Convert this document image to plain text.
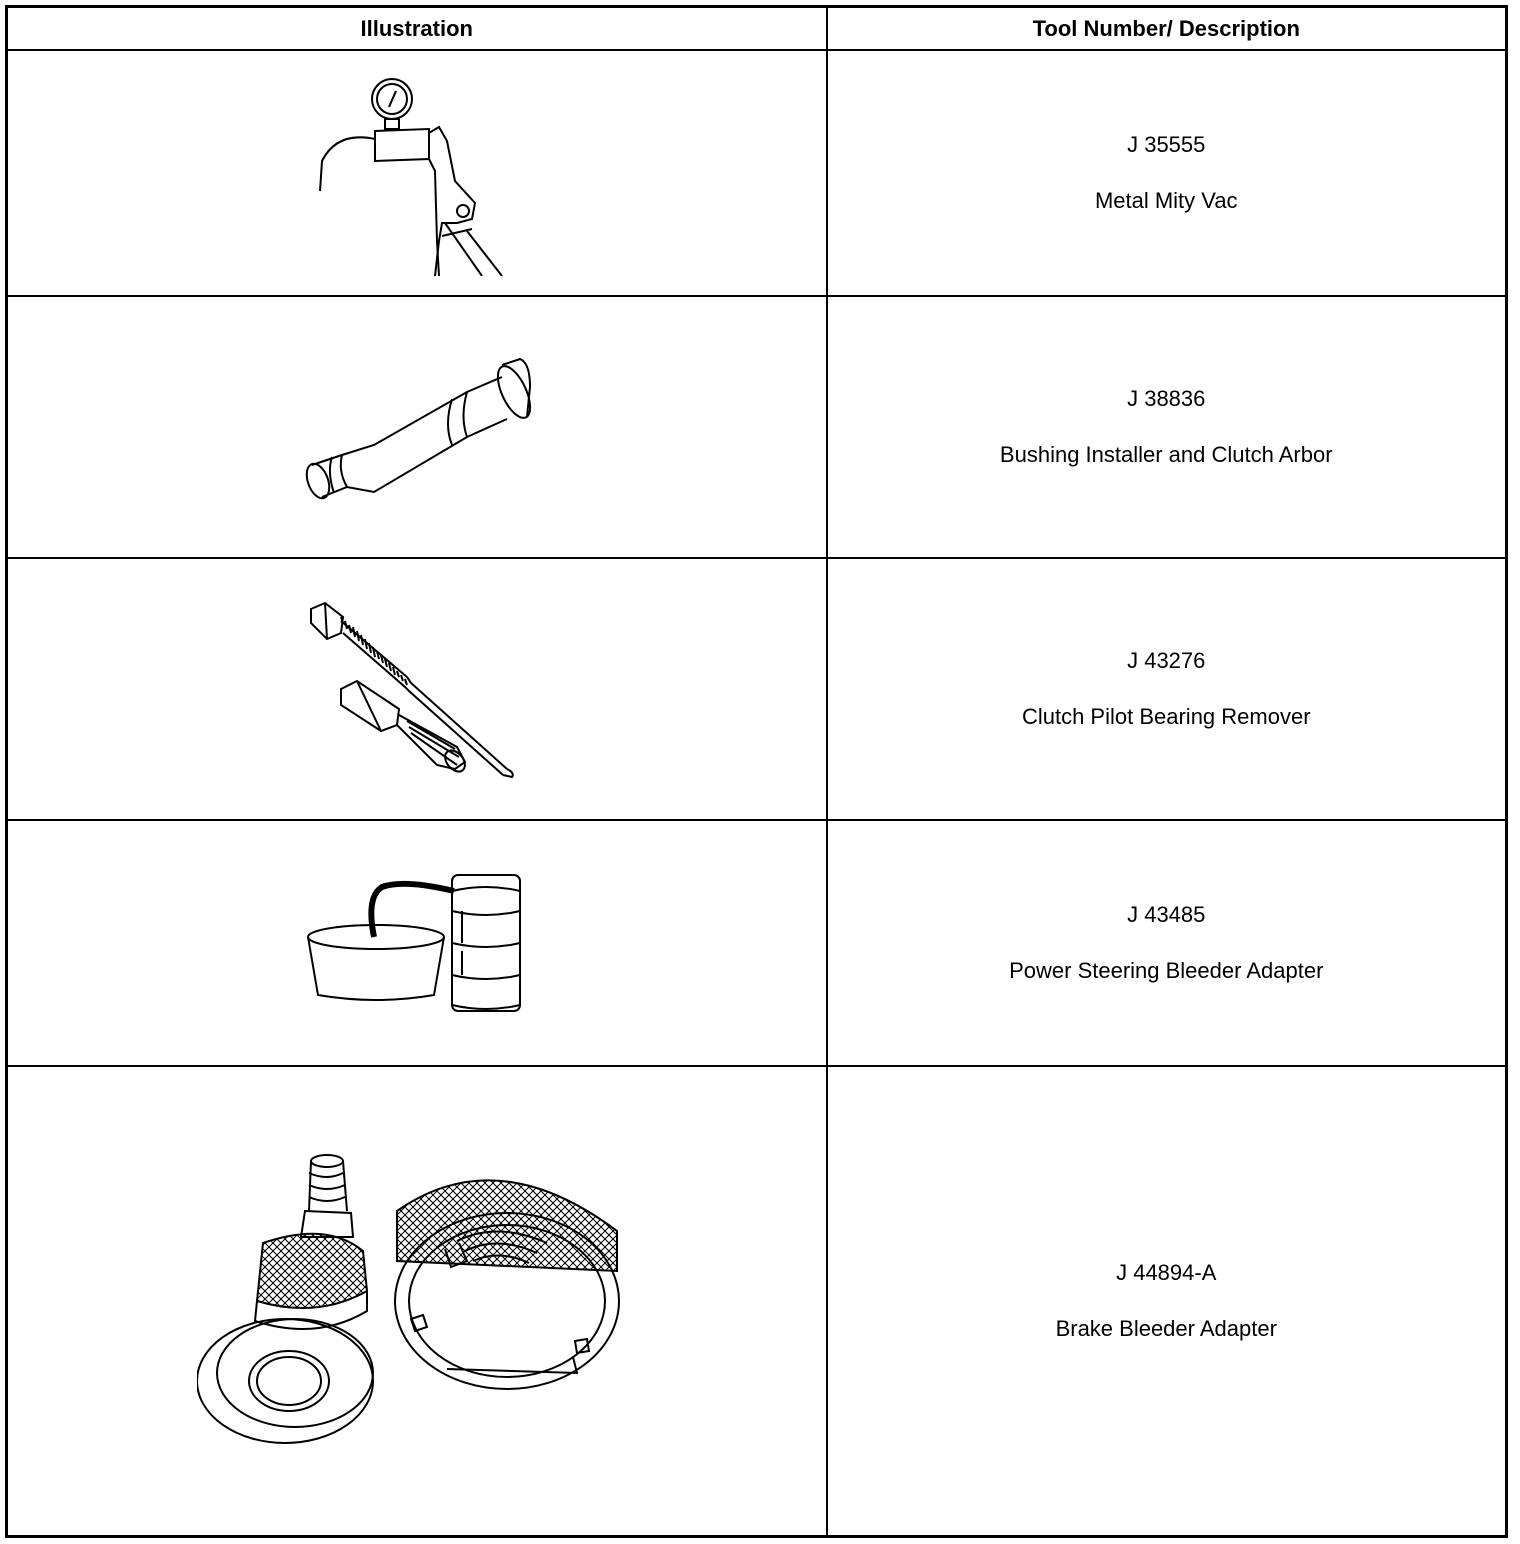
Illustration	Tool Number/ Description

J 35555
Metal Mity Vac

J 38836
Bushing Installer and Clutch Arbor

J 43276
Clutch Pilot Bearing Remover

J 43485
Power Steering Bleeder Adapter

J 44894-A
Brake Bleeder Adapter
